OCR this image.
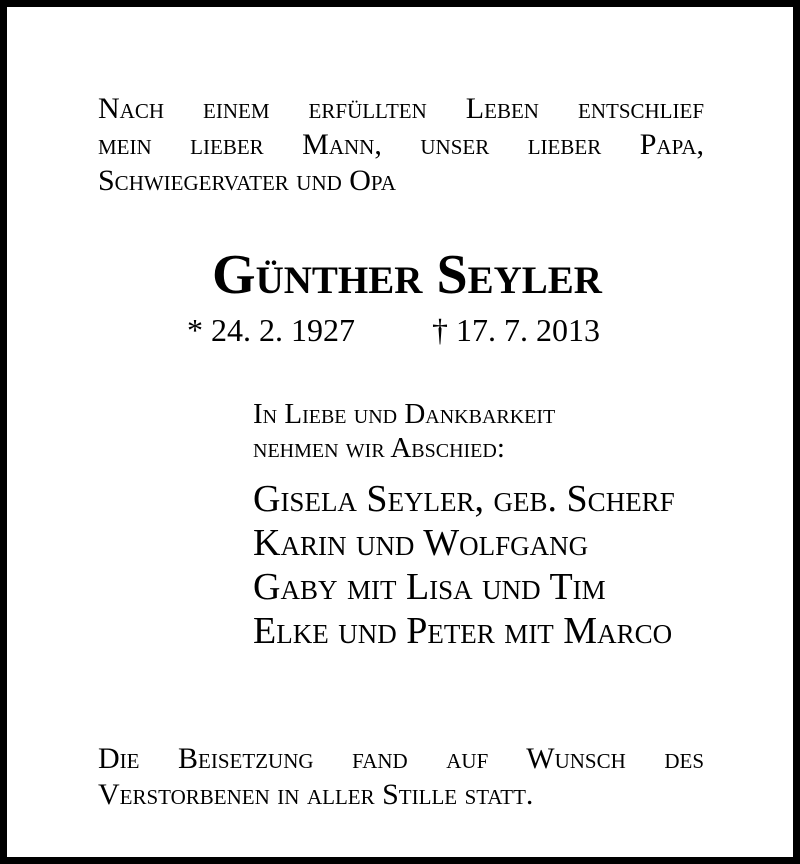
Nach einem erfüllten Leben entschlief

mein lieber Mann, unser lieber Papa,

Schwiegervater und Opa

Günther Seyler
* 24. 2. 1927 † 17. 7. 2013

In Liebe und Dankbarkeit

nehmen wir Abschied:

Gisela Seyler, geb. Scherf

Karin und Wolfgang

Gaby mit Lisa und Tim

Elke und Peter mit Marco

Die Beisetzung fand auf Wunsch des

Verstorbenen in aller Stille statt.
